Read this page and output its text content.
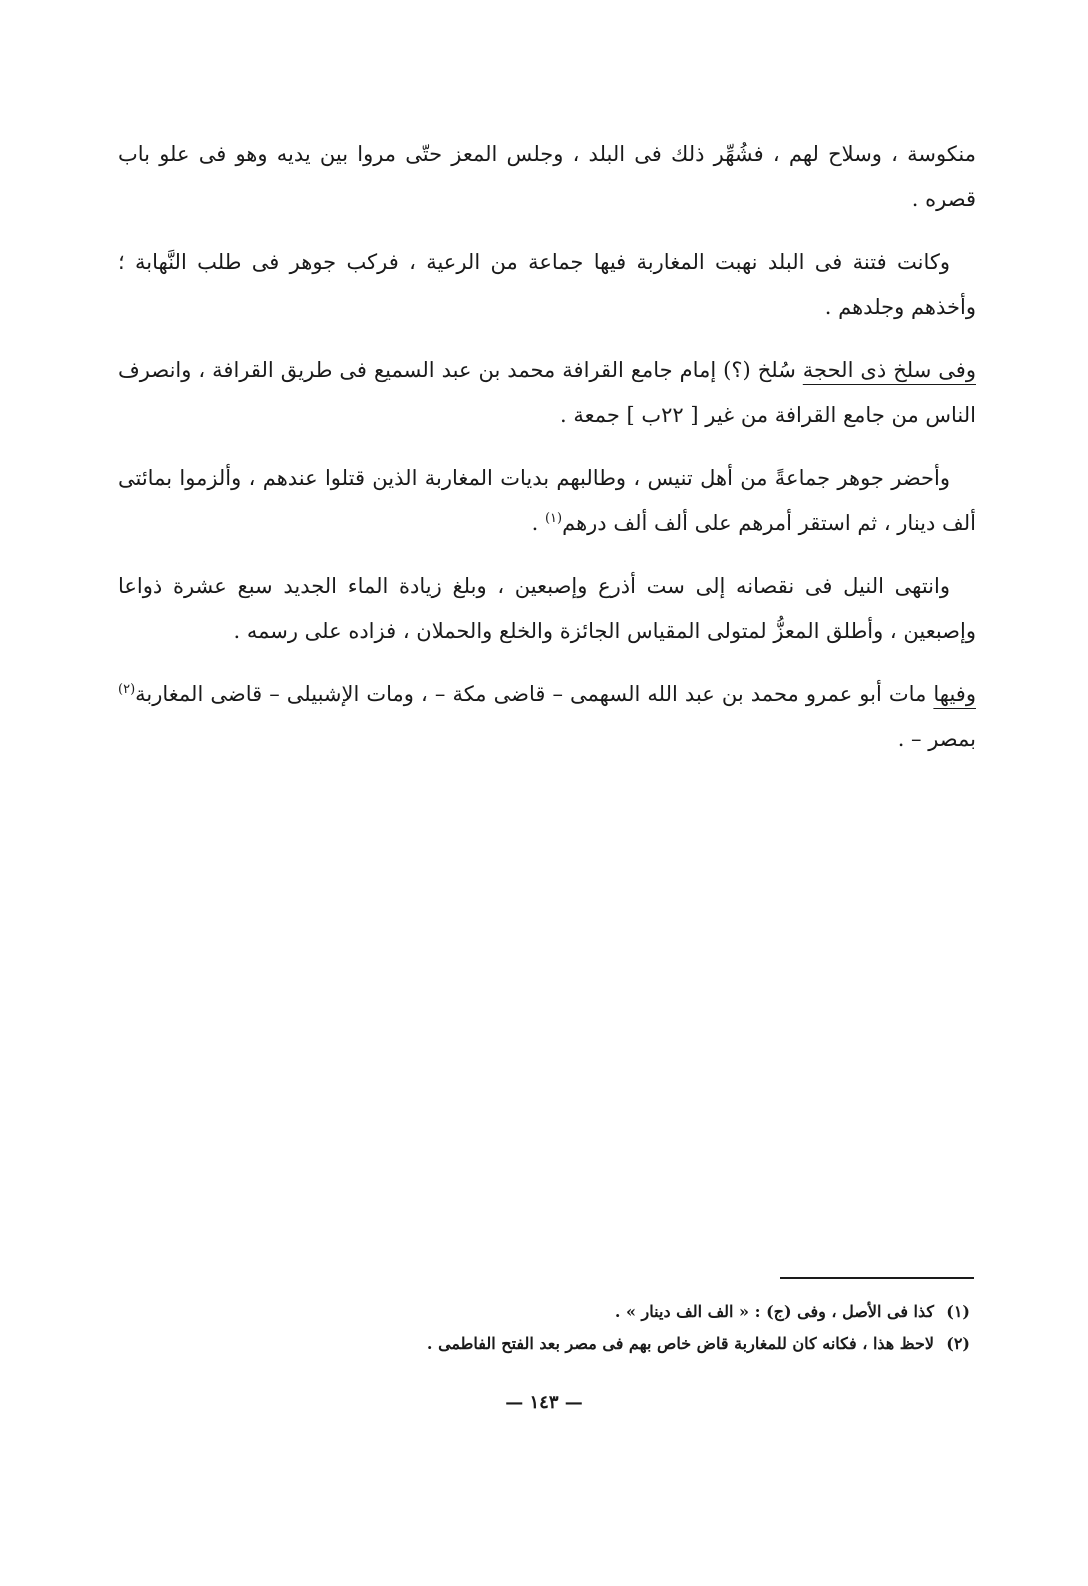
منكوسة ، وسلاح لهم ، فشُهِّر ذلك فى البلد ، وجلس المعز حتّى مروا بين يديه وهو فى علو باب قصره .

وكانت فتنة فى البلد نهبت المغاربة فيها جماعة من الرعية ، فركب جوهر فى طلب النَّهابة ؛ وأخذهم وجلدهم .

وفى سلخ ذى الحجة سُلخ (؟) إمام جامع القرافة محمد بن عبد السميع فى طريق القرافة ، وانصرف الناس من جامع القرافة من غير [ ٢٢ب ] جمعة .

وأحضر جوهر جماعةً من أهل تنيس ، وطالبهم بديات المغاربة الذين قتلوا عندهم ، وألزموا بمائتى ألف دينار ، ثم استقر أمرهم على ألف ألف درهم$^{(١)}$ .

وانتهى النيل فى نقصانه إلى ست أذرع وإصبعين ، وبلغ زيادة الماء الجديد سبع عشرة ذواعا وإصبعين ، وأطلق المعزُّ لمتولى المقياس الجائزة والخلع والحملان ، فزاده على رسمه .

وفيها مات أبو عمرو محمد بن عبد الله السهمى – قاضى مكة – ، ومات الإشبيلى – قاضى المغاربة$^{(٢)}$ بمصر – .

(١)كذا فى الأصل ، وفى (ج) : « الف الف دينار » .

(٢)لاحظ هذا ، فكانه كان للمغاربة قاض خاص بهم فى مصر بعد الفتح الفاطمى .

— ١٤٣ —
